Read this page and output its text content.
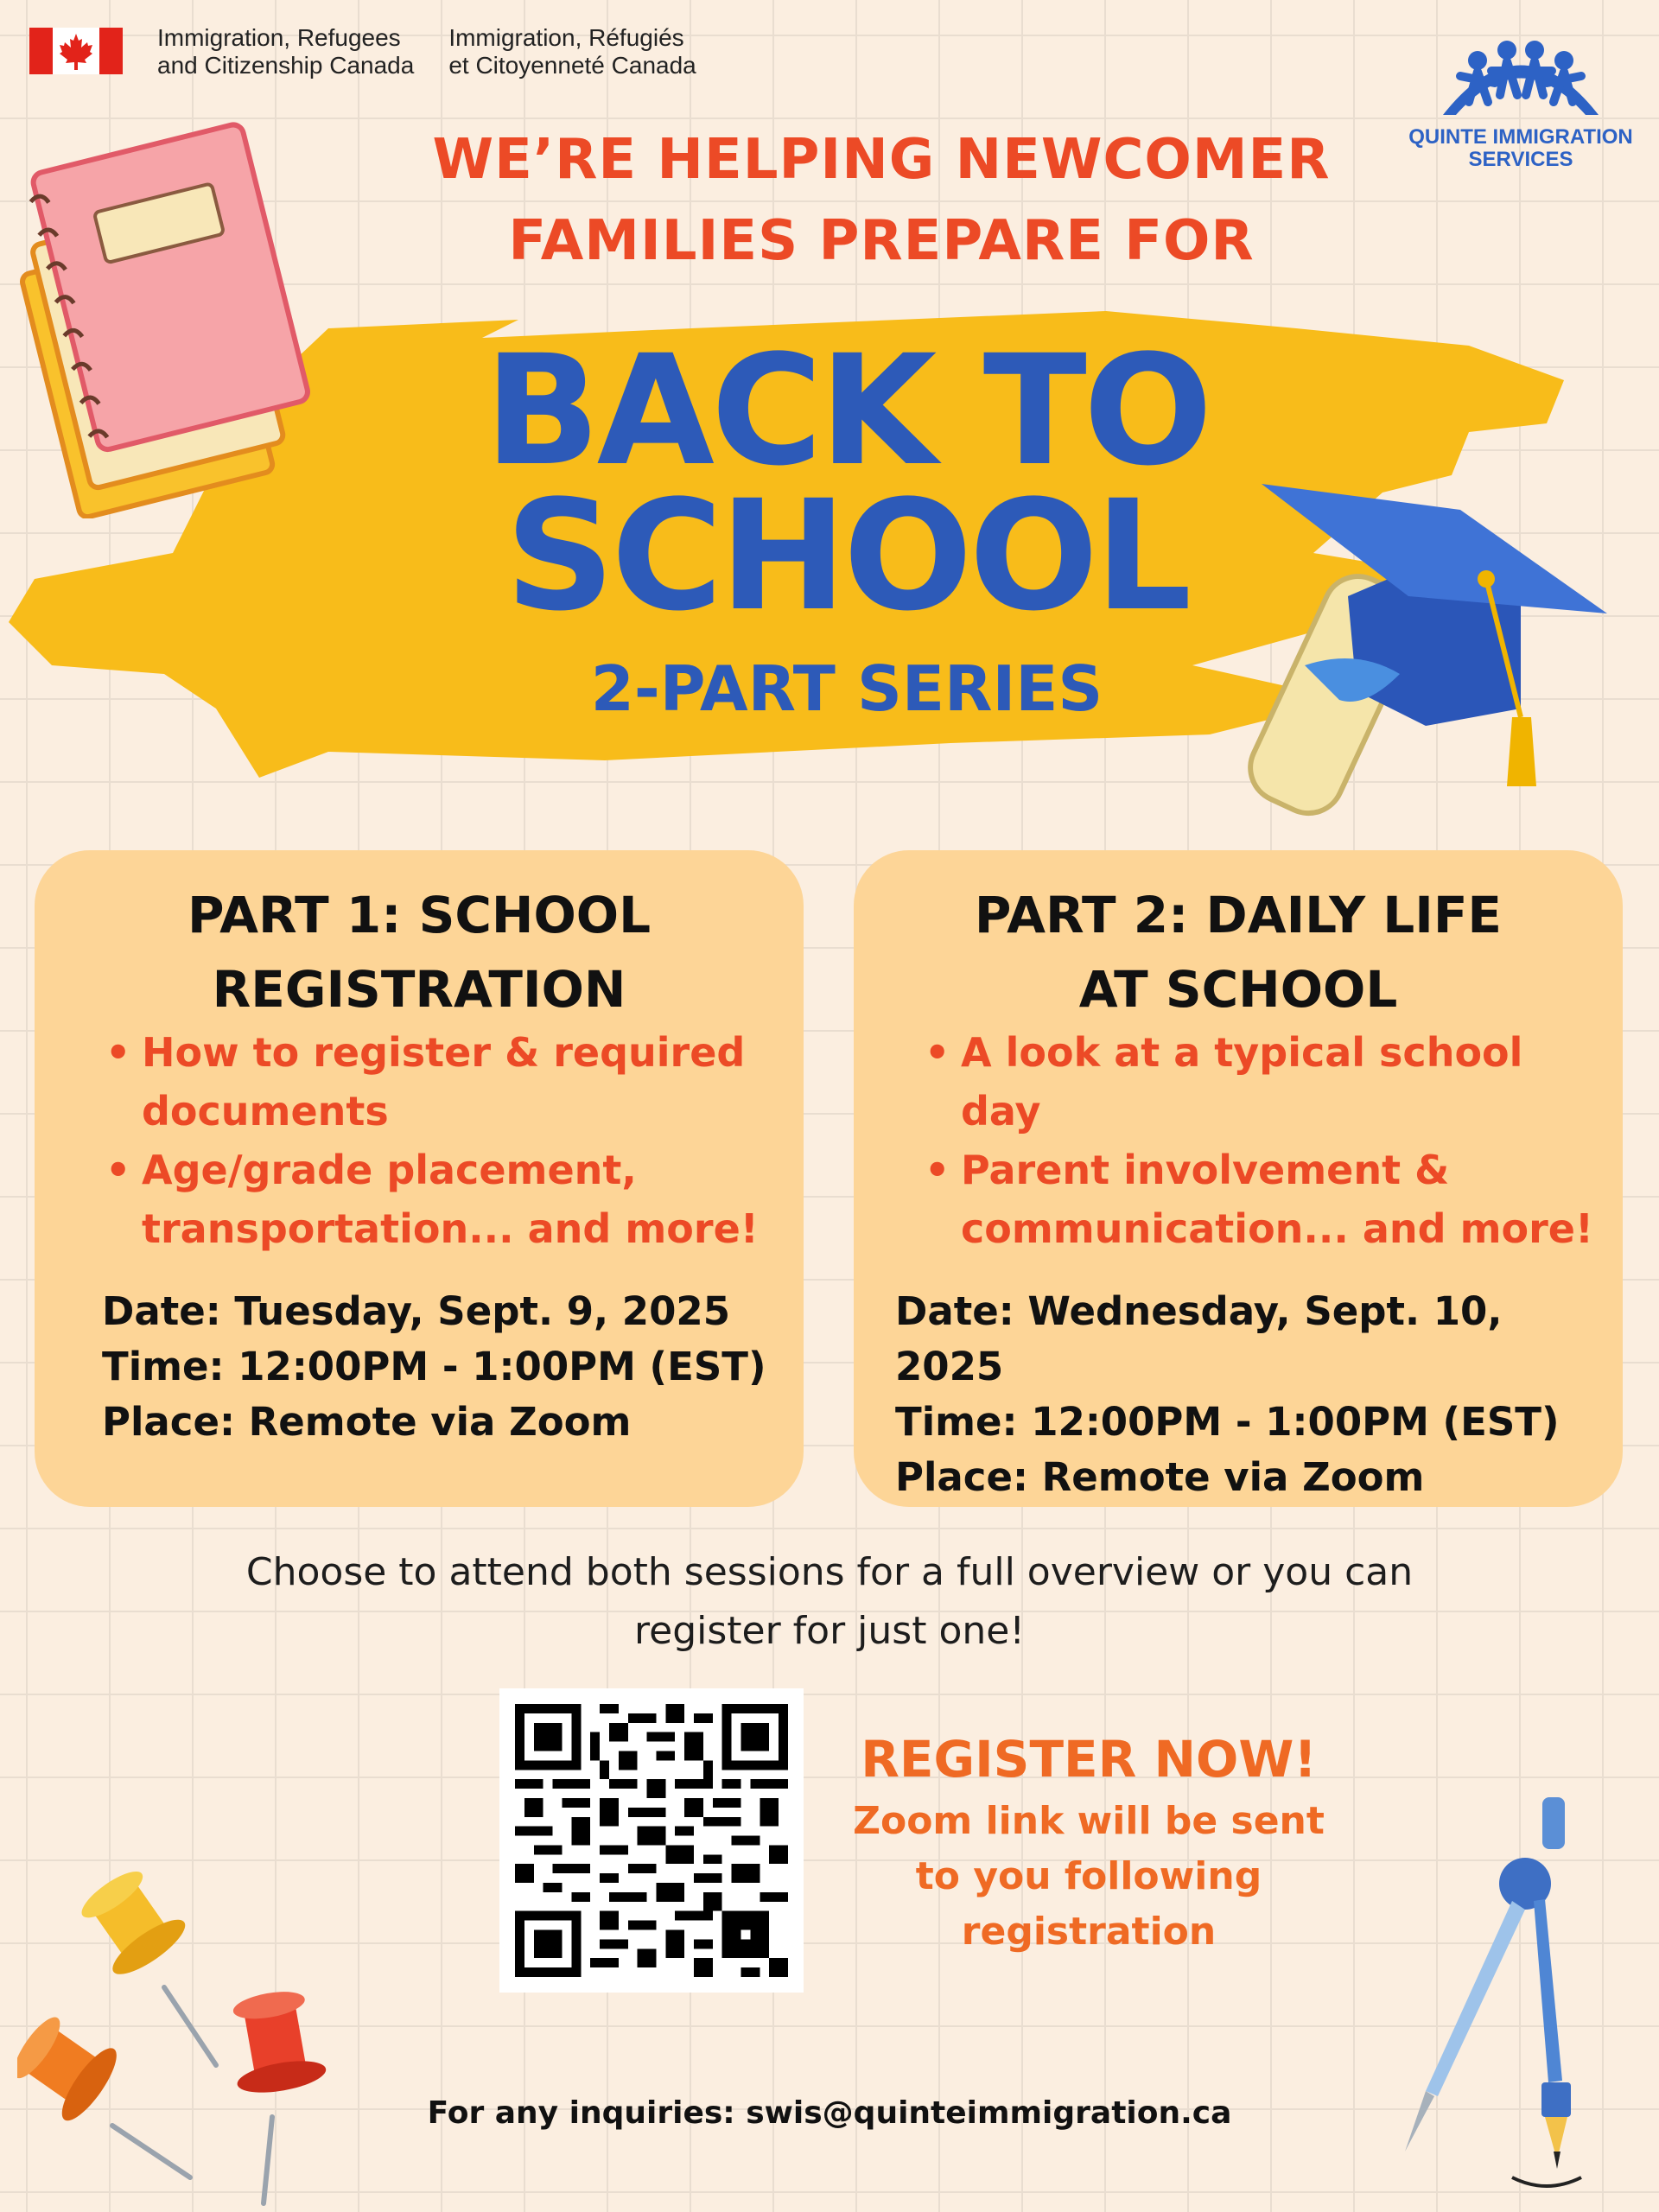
Immigration, Refugees
and Citizenship Canada
Immigration, Réfugiés
et Citoyenneté Canada
QUINTE IMMIGRATION
SERVICES
WE’RE HELPING NEWCOMER
FAMILIES PREPARE FOR
BACK TO
SCHOOL
2-PART SERIES
PART 1: SCHOOL
REGISTRATION
• How to register & required documents
• Age/grade placement, transportation... and more!
Date: Tuesday, Sept. 9, 2025
Time: 12:00PM - 1:00PM (EST)
Place: Remote via Zoom
PART 2: DAILY LIFE
AT SCHOOL
• A look at a typical school day
• Parent involvement & communication... and more!
Date: Wednesday, Sept. 10, 2025
Time: 12:00PM - 1:00PM (EST)
Place: Remote via Zoom
Choose to attend both sessions for a full overview or you can
register for just one!
REGISTER NOW!
Zoom link will be sent
to you following
registration
For any inquiries: swis@quinteimmigration.ca
